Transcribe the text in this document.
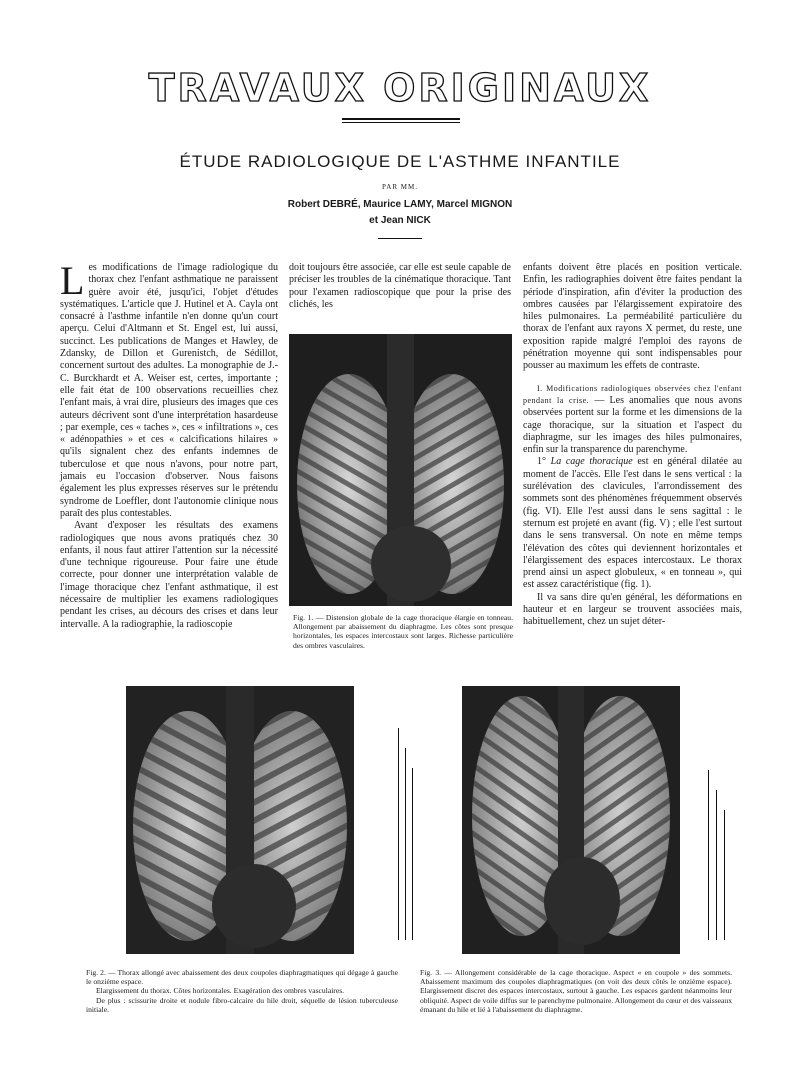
TRAVAUX ORIGINAUX
ÉTUDE RADIOLOGIQUE DE L'ASTHME INFANTILE
PAR MM.
Robert DEBRÉ, Maurice LAMY, Marcel MIGNON
et Jean NICK

Les modifications de l'image radiologique du thorax chez l'enfant asthmatique ne paraissent guère avoir été, jusqu'ici, l'objet d'études systématiques. L'article que J. Hutinel et A. Cayla ont consacré à l'asthme infantile n'en donne qu'un court aperçu. Celui d'Altmann et St. Engel est, lui aussi, succinct. Les publications de Manges et Hawley, de Zdansky, de Dillon et Gurenistch, de Sédillot, concernent surtout des adultes. La monographie de J.-C. Burckhardt et A. Weiser est, certes, importante ; elle fait état de 100 observations recueillies chez l'enfant mais, à vrai dire, plusieurs des images que ces auteurs décrivent sont d'une interprétation hasardeuse ; par exemple, ces « taches », ces « infiltrations », ces « adénopathies » et ces « calcifications hilaires » qu'ils signalent chez des enfants indemnes de tuberculose et que nous n'avons, pour notre part, jamais eu l'occasion d'observer. Nous faisons également les plus expresses réserves sur le prétendu syndrome de Loeffler, dont l'autonomie clinique nous paraît des plus contestables.

Avant d'exposer les résultats des examens radiologiques que nous avons pratiqués chez 30 enfants, il nous faut attirer l'attention sur la nécessité d'une technique rigoureuse. Pour faire une étude correcte, pour donner une interprétation valable de l'image thoracique chez l'enfant asthmatique, il est nécessaire de multiplier les examens radiologiques pendant les crises, au décours des crises et dans leur intervalle. A la radiographie, la radioscopie

doit toujours être associée, car elle est seule capable de préciser les troubles de la cinématique thoracique. Tant pour l'examen radioscopique que pour la prise des clichés, les

Fig. 1. — Distension globale de la cage thoracique élargie en tonneau. Allongement par abaissement du diaphragme. Les côtes sont presque horizontales, les espaces intercostaux sont larges. Richesse particulière des ombres vasculaires.

enfants doivent être placés en position verticale. Enfin, les radiographies doivent être faites pendant la période d'inspiration, afin d'éviter la production des ombres causées par l'élargissement expiratoire des hiles pulmonaires. La perméabilité particulière du thorax de l'enfant aux rayons X permet, du reste, une exposition rapide malgré l'emploi des rayons de pénétration moyenne qui sont indispensables pour pousser au maximum les effets de contraste.

I. Modifications radiologiques observées chez l'enfant pendant la crise. — Les anomalies que nous avons observées portent sur la forme et les dimensions de la cage thoracique, sur la situation et l'aspect du diaphragme, sur les images des hiles pulmonaires, enfin sur la transparence du parenchyme.

1° La cage thoracique est en général dilatée au moment de l'accès. Elle l'est dans le sens vertical : la surélévation des clavicules, l'arrondissement des sommets sont des phénomènes fréquemment observés (fig. VI). Elle l'est aussi dans le sens sagittal : le sternum est projeté en avant (fig. V) ; elle l'est surtout dans le sens transversal. On note en même temps l'élévation des côtes qui deviennent horizontales et l'élargissement des espaces intercostaux. Le thorax prend ainsi un aspect globuleux, « en tonneau », qui est assez caractéristique (fig. 1).

Il va sans dire qu'en général, les déformations en hauteur et en largeur se trouvent associées mais, habituellement, chez un sujet déter-

Fig. 2. — Thorax allongé avec abaissement des deux coupoles diaphragmatiques qui dégage à gauche le onzième espace.

Elargissement du thorax. Côtes horizontales. Exagération des ombres vasculaires.

De plus : scissurite droite et nodule fibro-calcaire du hile droit, séquelle de lésion tuberculeuse initiale.

Fig. 3. — Allongement considérable de la cage thoracique. Aspect « en coupole » des sommets. Abaissement maximum des coupoles diaphragmatiques (on voit des deux côtés le onzième espace). Elargissement discret des espaces intercostaux, surtout à gauche. Les espaces gardent néanmoins leur obliquité. Aspect de voile diffus sur le parenchyme pulmonaire. Allongement du cœur et des vaisseaux émanant du hile et lié à l'abaissement du diaphragme.
